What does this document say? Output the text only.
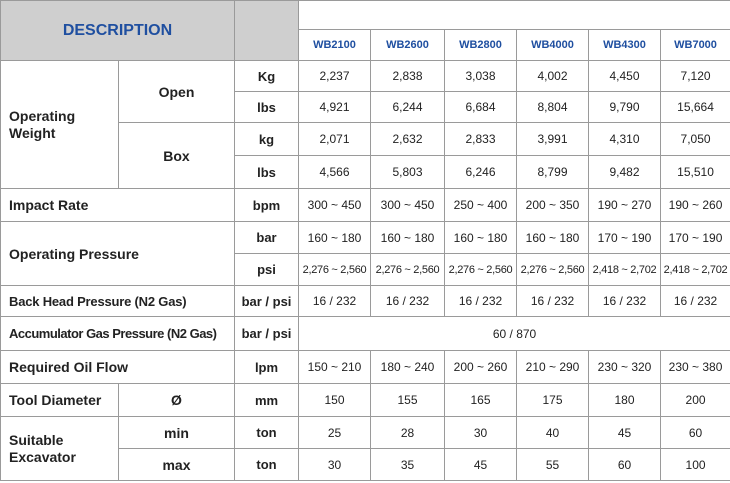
DESCRIPTION								
			WB2100	WB2600	WB2800	WB4000	WB4300	WB7000
Operating Weight	Open	Kg	2,237	2,838	3,038	4,002	4,450	7,120
		lbs	4,921	6,244	6,684	8,804	9,790	15,664
	Box	kg	2,071	2,632	2,833	3,991	4,310	7,050
		lbs	4,566	5,803	6,246	8,799	9,482	15,510
Impact Rate		bpm	300 ~ 450	300 ~ 450	250 ~ 400	200 ~ 350	190 ~ 270	190 ~ 260
Operating Pressure		bar	160 ~ 180	160 ~ 180	160 ~ 180	160 ~ 180	170 ~ 190	170 ~ 190
		psi	2,276 ~ 2,560	2,276 ~ 2,560	2,276 ~ 2,560	2,276 ~ 2,560	2,418 ~ 2,702	2,418 ~ 2,702
Back Head Pressure (N2 Gas)		bar / psi	16 / 232	16 / 232	16 / 232	16 / 232	16 / 232	16 / 232
Accumulator Gas Pressure (N2 Gas)		bar / psi	60 / 870					
Required Oil Flow		lpm	150 ~ 210	180 ~ 240	200 ~ 260	210 ~ 290	230 ~ 320	230 ~ 380
Tool Diameter	Ø	mm	150	155	165	175	180	200
Suitable Excavator	min	ton	25	28	30	40	45	60
	max	ton	30	35	45	55	60	100
